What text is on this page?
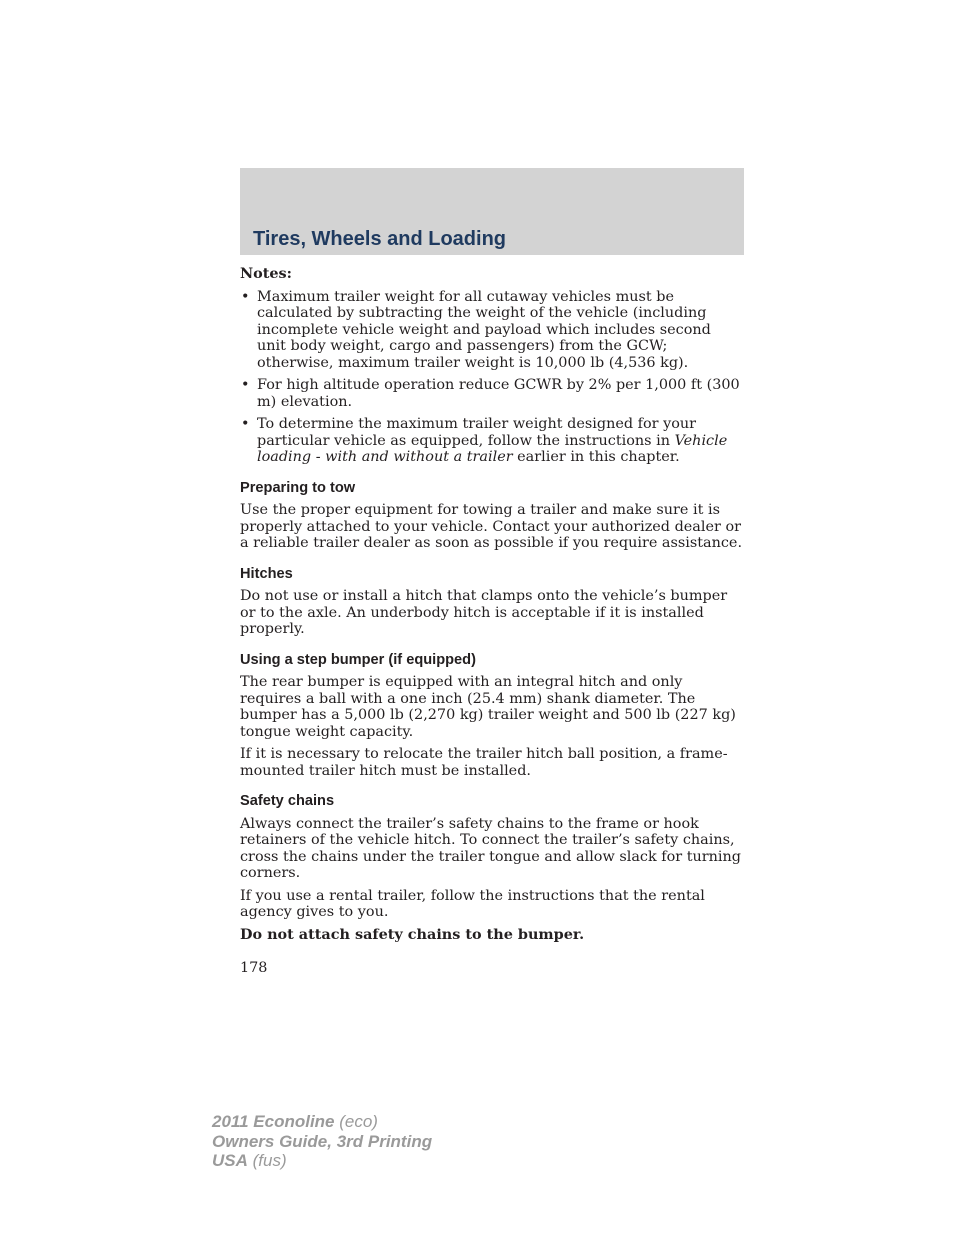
Tires, Wheels and Loading

Notes:

• Maximum trailer weight for all cutaway vehicles must be calculated by subtracting the weight of the vehicle (including incomplete vehicle weight and payload which includes second unit body weight, cargo and passengers) from the GCW; otherwise, maximum trailer weight is 10,000 lb (4,536 kg).
• For high altitude operation reduce GCWR by 2% per 1,000 ft (300 m) elevation.
• To determine the maximum trailer weight designed for your particular vehicle as equipped, follow the instructions in Vehicle loading - with and without a trailer earlier in this chapter.
Preparing to tow

Use the proper equipment for towing a trailer and make sure it is properly attached to your vehicle. Contact your authorized dealer or a reliable trailer dealer as soon as possible if you require assistance.

Hitches

Do not use or install a hitch that clamps onto the vehicle’s bumper or to the axle. An underbody hitch is acceptable if it is installed properly.

Using a step bumper (if equipped)

The rear bumper is equipped with an integral hitch and only requires a ball with a one inch (25.4 mm) shank diameter. The bumper has a 5,000 lb (2,270 kg) trailer weight and 500 lb (227 kg) tongue weight capacity.

If it is necessary to relocate the trailer hitch ball position, a frame-mounted trailer hitch must be installed.

Safety chains

Always connect the trailer’s safety chains to the frame or hook retainers of the vehicle hitch. To connect the trailer’s safety chains, cross the chains under the trailer tongue and allow slack for turning corners.

If you use a rental trailer, follow the instructions that the rental agency gives to you.

Do not attach safety chains to the bumper.

178
2011 Econoline (eco)
Owners Guide, 3rd Printing
USA (fus)
